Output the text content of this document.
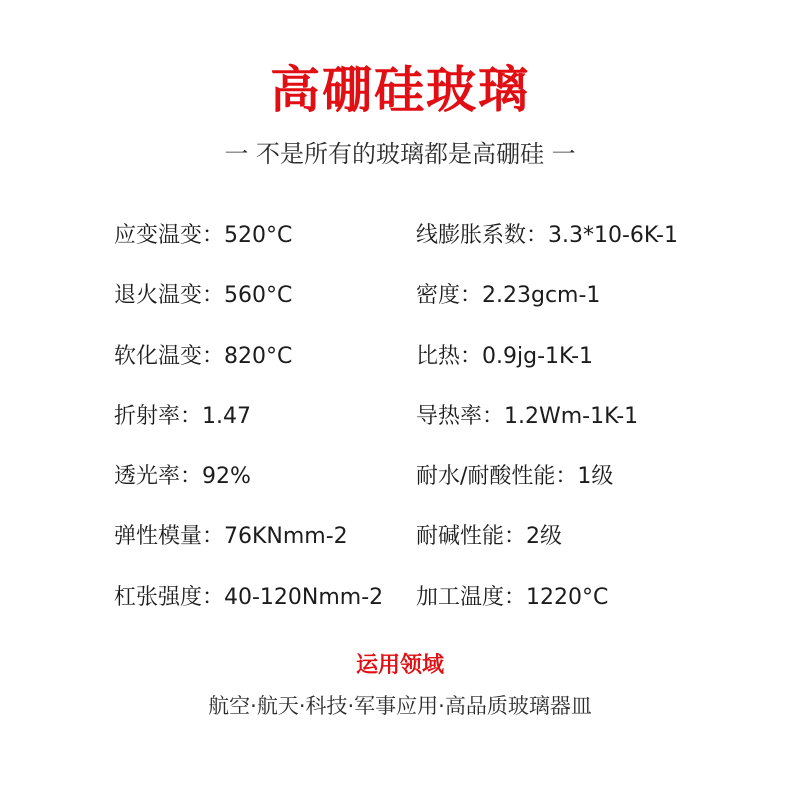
高硼硅玻璃
一 不是所有的玻璃都是高硼硅 一
应变温变：520°C	线膨胀系数：3.3*10-6K-1
退火温变：560°C	密度：2.23gcm-1
软化温变：820°C	比热：0.9jg-1K-1
折射率：1.47	导热率：1.2Wm-1K-1
透光率：92%	耐水/耐酸性能：1级
弹性模量：76KNmm-2	耐碱性能：2级
杠张强度：40-120Nmm-2	加工温度：1220°C
运用领域
航空·航天·科技·军事应用·高品质玻璃器皿
